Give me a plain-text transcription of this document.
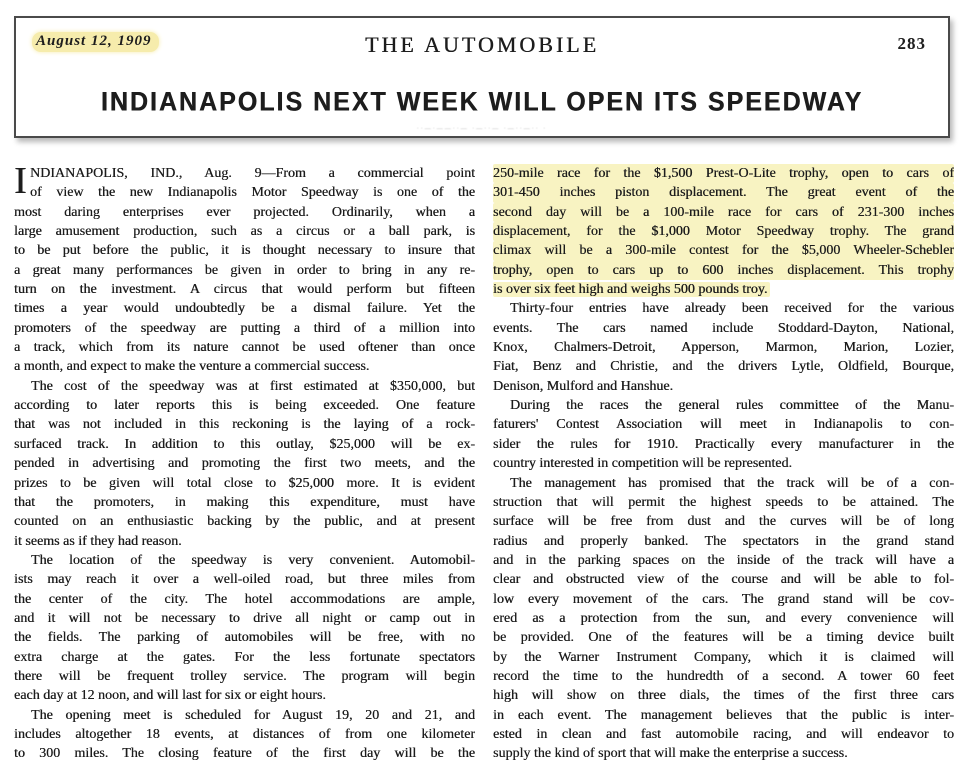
August 12, 1909	THE AUTOMOBILE	283
INDIANAPOLIS NEXT WEEK WILL OPEN ITS SPEEDWAY
··—·——··— ·—··— ·—··—·· ·
I NDIANAPOLIS, IND., Aug. 9—From a commercial point
of view the new Indianapolis Motor Speedway is one of the
most daring enterprises ever projected. Ordinarily, when a
large amusement production, such as a circus or a ball park, is
to be put before the public, it is thought necessary to insure that
a great many performances be given in order to bring in any re-
turn on the investment. A circus that would perform but fifteen
times a year would undoubtedly be a dismal failure. Yet the
promoters of the speedway are putting a third of a million into
a track, which from its nature cannot be used oftener than once
a month, and expect to make the venture a commercial success.
The cost of the speedway was at first estimated at $350,000, but
according to later reports this is being exceeded. One feature
that was not included in this reckoning is the laying of a rock-
surfaced track. In addition to this outlay, $25,000 will be ex-
pended in advertising and promoting the first two meets, and the
prizes to be given will total close to $25,000 more. It is evident
that the promoters, in making this expenditure, must have
counted on an enthusiastic backing by the public, and at present
it seems as if they had reason.
The location of the speedway is very convenient. Automobil-
ists may reach it over a well-oiled road, but three miles from
the center of the city. The hotel accommodations are ample,
and it will not be necessary to drive all night or camp out in
the fields. The parking of automobiles will be free, with no
extra charge at the gates. For the less fortunate spectators
there will be frequent trolley service. The program will begin
each day at 12 noon, and will last for six or eight hours.
The opening meet is scheduled for August 19, 20 and 21, and
includes altogether 18 events, at distances of from one kilometer
to 300 miles. The closing feature of the first day will be the
250-mile race for the $1,500 Prest-O-Lite trophy, open to cars of
301-450 inches piston displacement. The great event of the
second day will be a 100-mile race for cars of 231-300 inches
displacement, for the $1,000 Motor Speedway trophy. The grand
climax will be a 300-mile contest for the $5,000 Wheeler-Schebler
trophy, open to cars up to 600 inches displacement. This trophy
is over six feet high and weighs 500 pounds troy.
Thirty-four entries have already been received for the various
events. The cars named include Stoddard-Dayton, National,
Knox, Chalmers-Detroit, Apperson, Marmon, Marion, Lozier,
Fiat, Benz and Christie, and the drivers Lytle, Oldfield, Bourque,
Denison, Mulford and Hanshue.
During the races the general rules committee of the Manu-
faturers' Contest Association will meet in Indianapolis to con-
sider the rules for 1910. Practically every manufacturer in the
country interested in competition will be represented.
The management has promised that the track will be of a con-
struction that will permit the highest speeds to be attained. The
surface will be free from dust and the curves will be of long
radius and properly banked. The spectators in the grand stand
and in the parking spaces on the inside of the track will have a
clear and obstructed view of the course and will be able to fol-
low every movement of the cars. The grand stand will be cov-
ered as a protection from the sun, and every convenience will
be provided. One of the features will be a timing device built
by the Warner Instrument Company, which it is claimed will
record the time to the hundredth of a second. A tower 60 feet
high will show on three dials, the times of the first three cars
in each event. The management believes that the public is inter-
ested in clean and fast automobile racing, and will endeavor to
supply the kind of sport that will make the enterprise a success.
